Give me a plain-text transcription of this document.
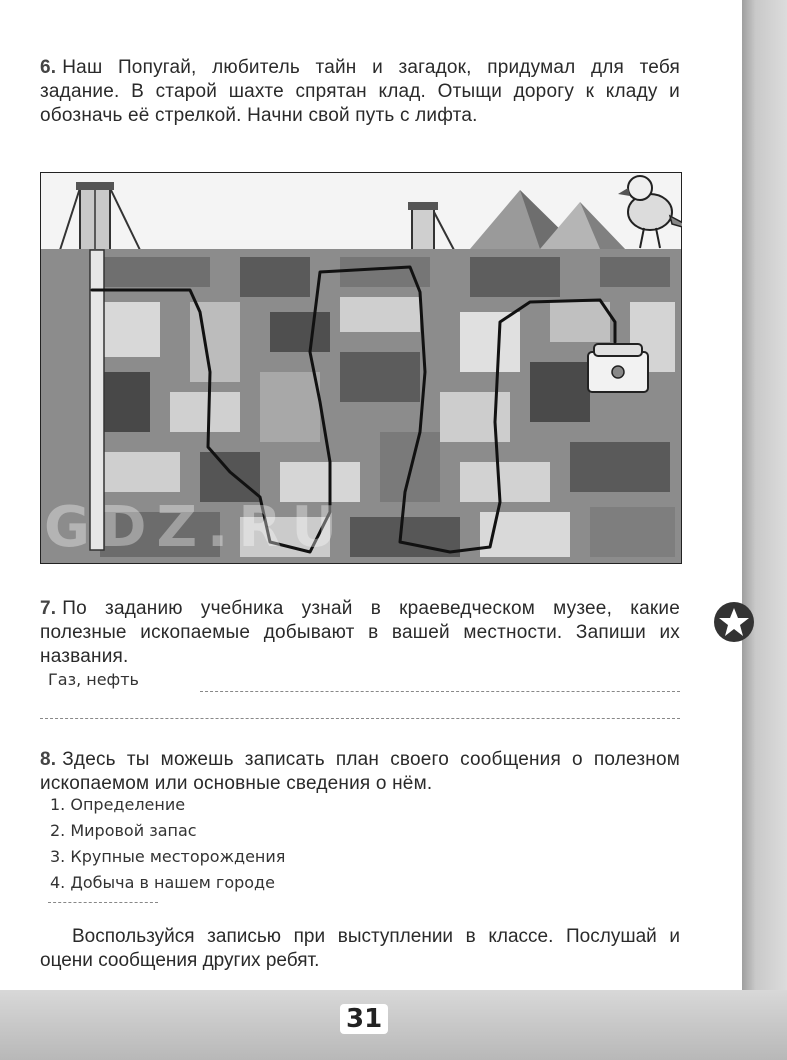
6. Наш Попугай, любитель тайн и загадок, придумал для тебя задание. В старой шахте спрятан клад. Отыщи дорогу к кладу и обозначь её стрелкой. Начни свой путь с лифта.
GDZ.RU
7. По заданию учебника узнай в краеведческом музее, какие полезные ископаемые добывают в вашей местности. Запиши их названия.
Газ, нефть
8. Здесь ты можешь записать план своего сообщения о полезном ископаемом или основные сведения о нём.
1. Определение
2. Мировой запас
3. Крупные месторождения
4. Добыча в нашем городе
Воспользуйся записью при выступлении в классе. Послушай и оцени сообщения других ребят.
31
